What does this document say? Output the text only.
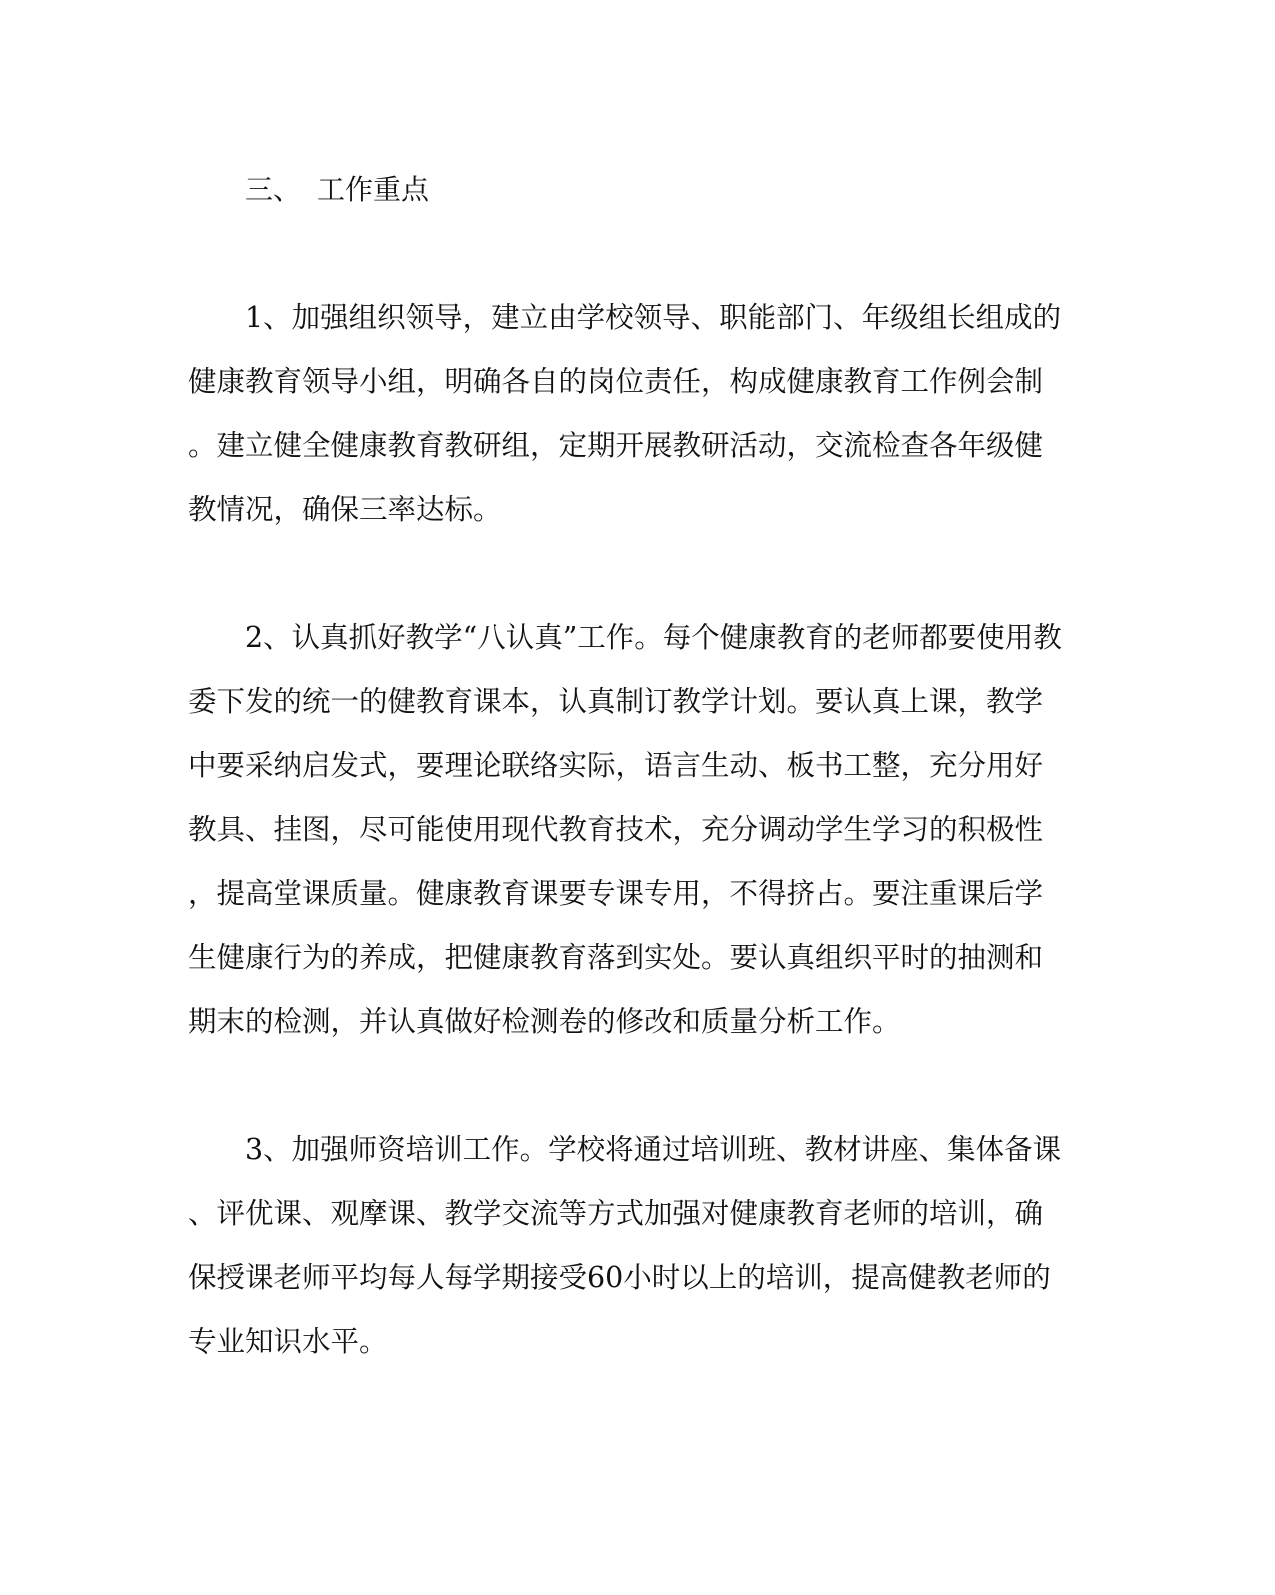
三、 工作重点
1、加强组织领导，建立由学校领导、职能部门、年级组长组成的
健康教育领导小组，明确各自的岗位责任，构成健康教育工作例会制
。建立健全健康教育教研组，定期开展教研活动，交流检查各年级健
教情况，确保三率达标。
2、认真抓好教学“八认真”工作。每个健康教育的老师都要使用教
委下发的统一的健教育课本，认真制订教学计划。要认真上课，教学
中要采纳启发式，要理论联络实际，语言生动、板书工整，充分用好
教具、挂图，尽可能使用现代教育技术，充分调动学生学习的积极性
，提高堂课质量。健康教育课要专课专用，不得挤占。要注重课后学
生健康行为的养成，把健康教育落到实处。要认真组织平时的抽测和
期末的检测，并认真做好检测卷的修改和质量分析工作。
3、加强师资培训工作。学校将通过培训班、教材讲座、集体备课
、评优课、观摩课、教学交流等方式加强对健康教育老师的培训，确
保授课老师平均每人每学期接受60小时以上的培训，提高健教老师的
专业知识水平。
